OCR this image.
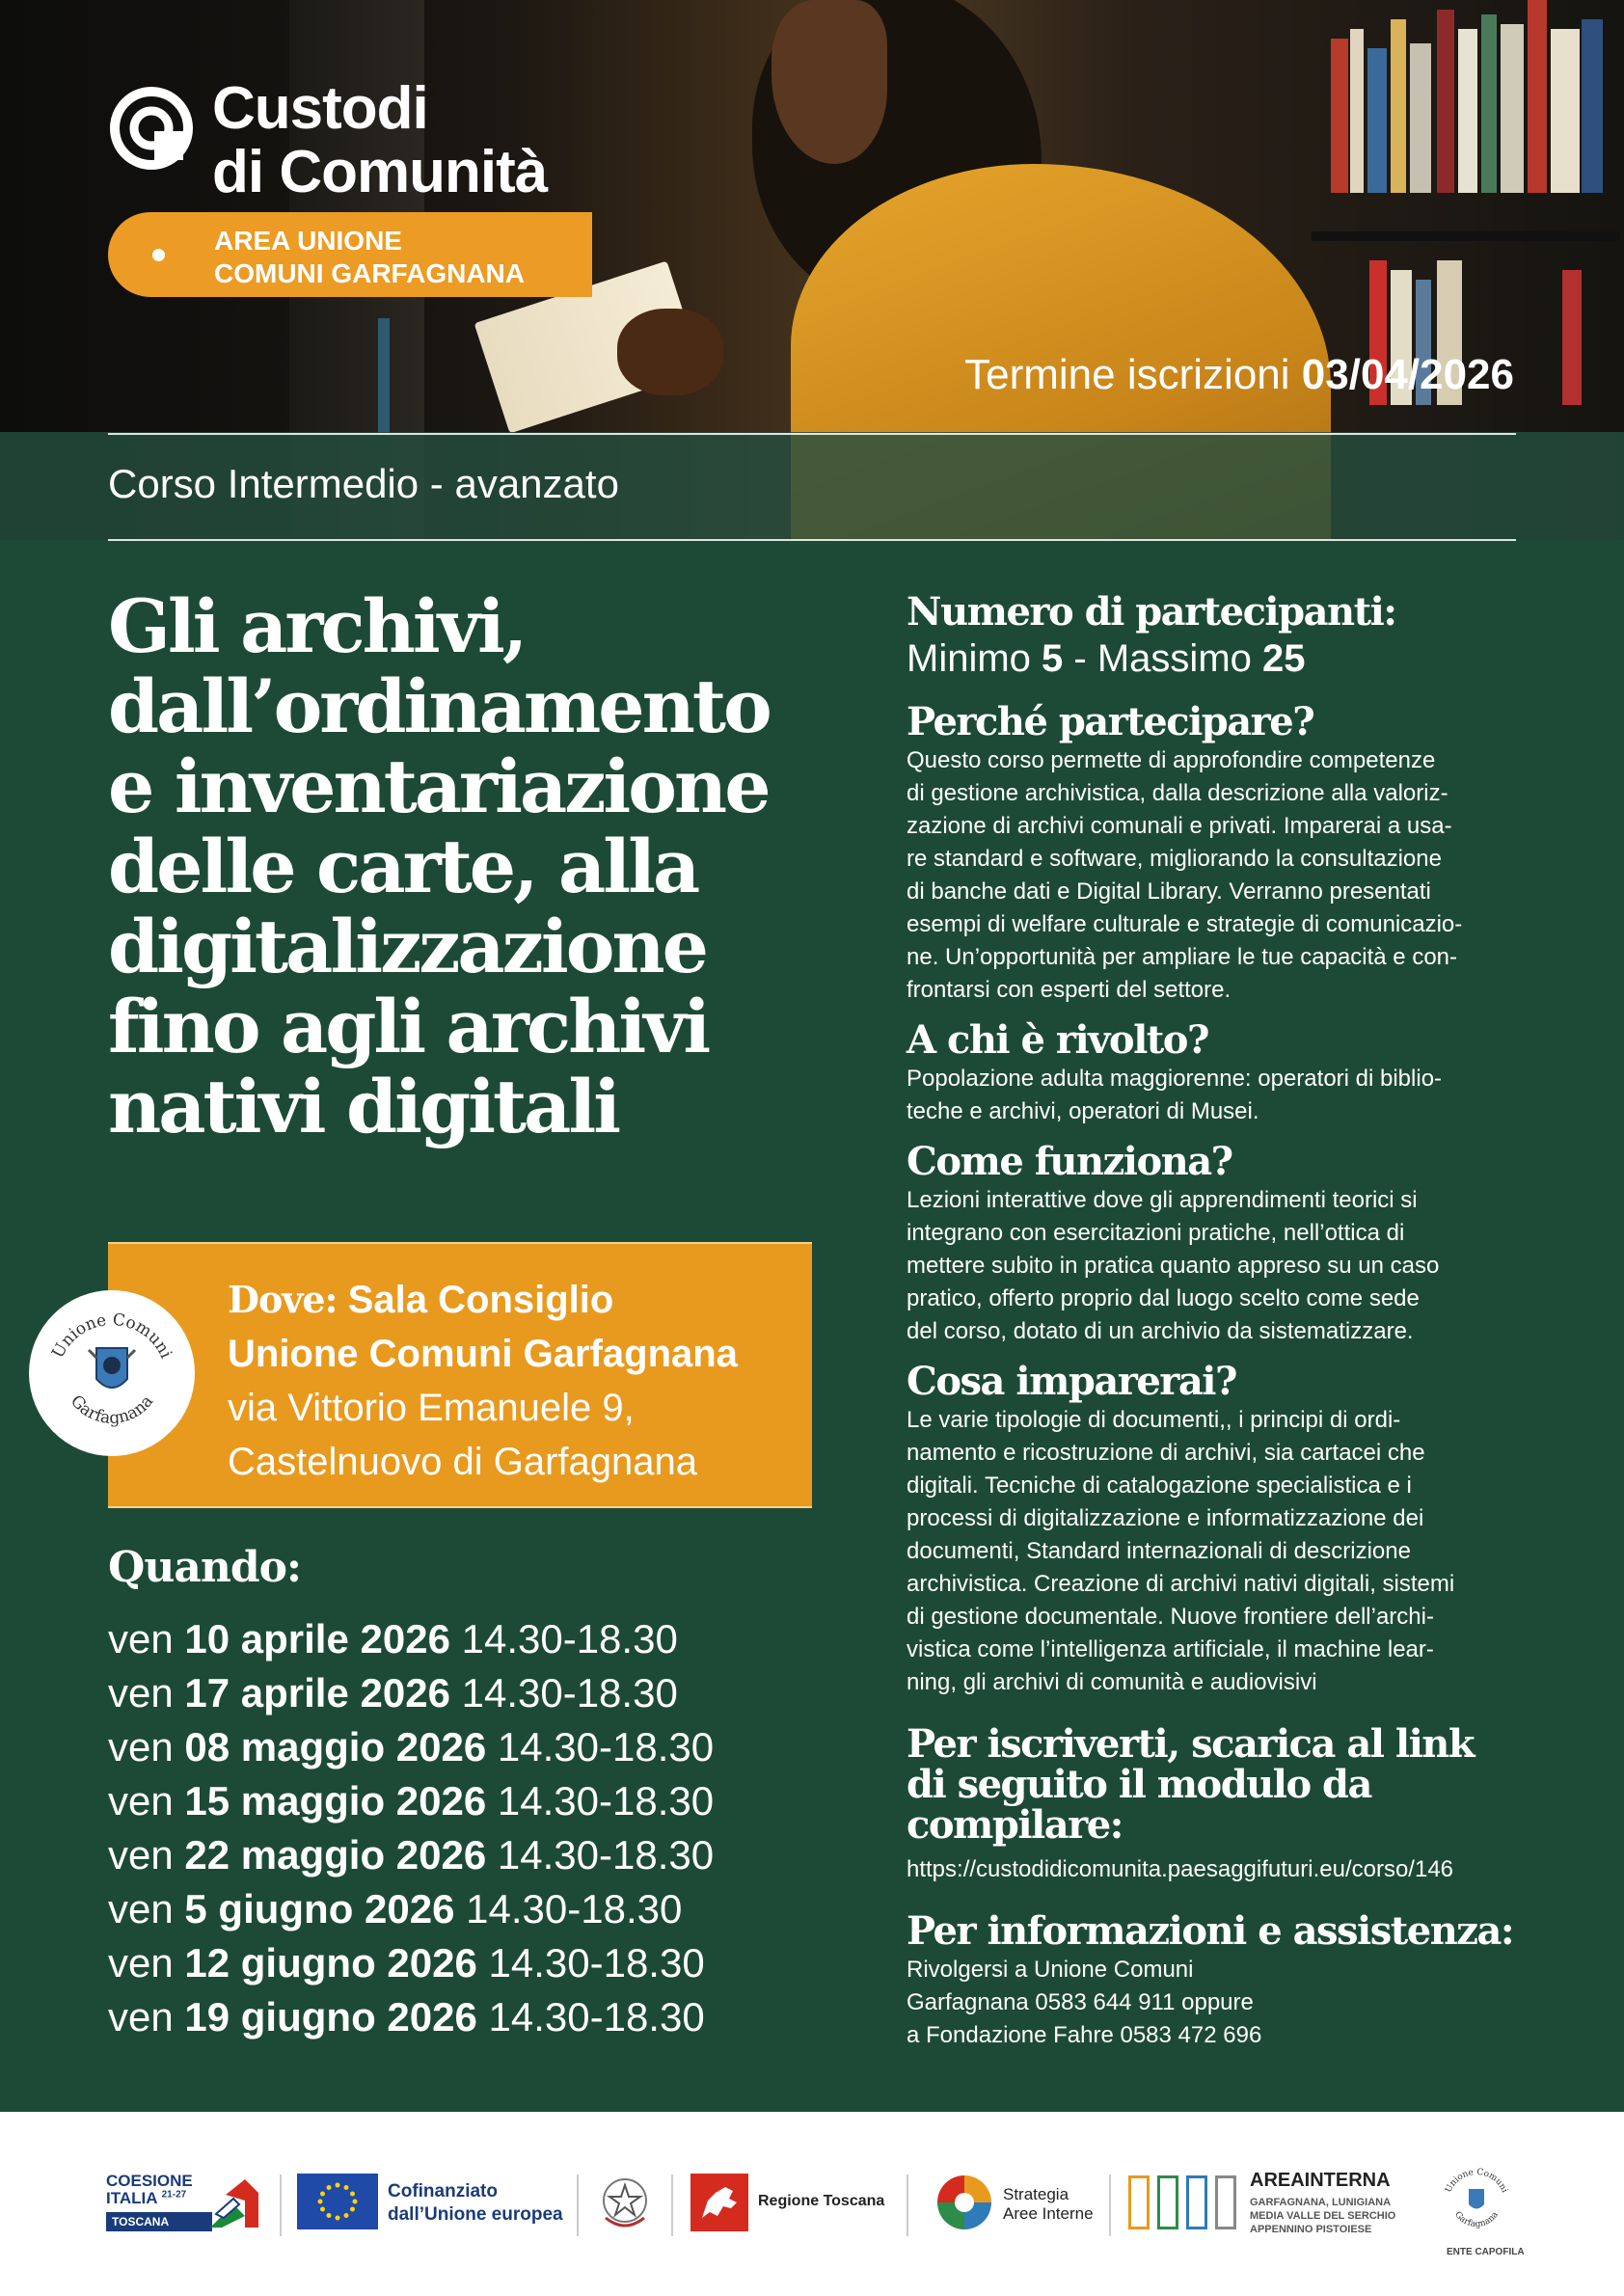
Custodi
di Comunità
AREA UNIONE
COMUNI GARFAGNANA
Termine iscrizioni 03/04/2026
Corso Intermedio - avanzato
Gli archivi,
dall’ordinamento
e inventariazione
delle carte, alla
digitalizzazione
fino agli archivi
nativi digitali
Dove: Sala Consiglio
Unione Comuni Garfagnana
via Vittorio Emanuele 9,
Castelnuovo di Garfagnana
Unione Comuni
Garfagnana
Quando:
ven 10 aprile 2026 14.30-18.30
ven 17 aprile 2026 14.30-18.30
ven 08 maggio 2026 14.30-18.30
ven 15 maggio 2026 14.30-18.30
ven 22 maggio 2026 14.30-18.30
ven 5 giugno 2026 14.30-18.30
ven 12 giugno 2026 14.30-18.30
ven 19 giugno 2026 14.30-18.30
Numero di partecipanti:
Minimo 5 - Massimo 25
Perché partecipare?
Questo corso permette di approfondire competenze
di gestione archivistica, dalla descrizione alla valoriz-
zazione di archivi comunali e privati. Imparerai a usa-
re standard e software, migliorando la consultazione
di banche dati e Digital Library. Verranno presentati
esempi di welfare culturale e strategie di comunicazio-
ne. Un’opportunità per ampliare le tue capacità e con-
frontarsi con esperti del settore.
A chi è rivolto?
Popolazione adulta maggiorenne: operatori di biblio-
teche e archivi, operatori di Musei.
Come funziona?
Lezioni interattive dove gli apprendimenti teorici si
integrano con esercitazioni pratiche, nell’ottica di
mettere subito in pratica quanto appreso su un caso
pratico, offerto proprio dal luogo scelto come sede
del corso, dotato di un archivio da sistematizzare.
Cosa imparerai?
Le varie tipologie di documenti,, i principi di ordi-
namento e ricostruzione di archivi, sia cartacei che
digitali. Tecniche di catalogazione specialistica e i
processi di digitalizzazione e informatizzazione dei
documenti, Standard internazionali di descrizione
archivistica. Creazione di archivi nativi digitali, sistemi
di gestione documentale. Nuove frontiere dell’archi-
vistica come l’intelligenza artificiale, il machine lear-
ning, gli archivi di comunità e audiovisivi
Per iscriverti, scarica al link
di seguito il modulo da compilare:
https://custodidicomunita.paesaggifuturi.eu/corso/146
Per informazioni e assistenza:
Rivolgersi a Unione Comuni
Garfagnana 0583 644 911 oppure
a Fondazione Fahre 0583 472 696
COESIONE
ITALIA $^{21-27}$
TOSCANA
Cofinanziato
dall’Unione europea
Regione Toscana	Strategia
Aree Interne
AREAINTERNA
GARFAGNANA, LUNIGIANA
MEDIA VALLE DEL SERCHIO
APPENNINO PISTOIESE
Unione Comuni
Garfagnana
ENTE CAPOFILA
